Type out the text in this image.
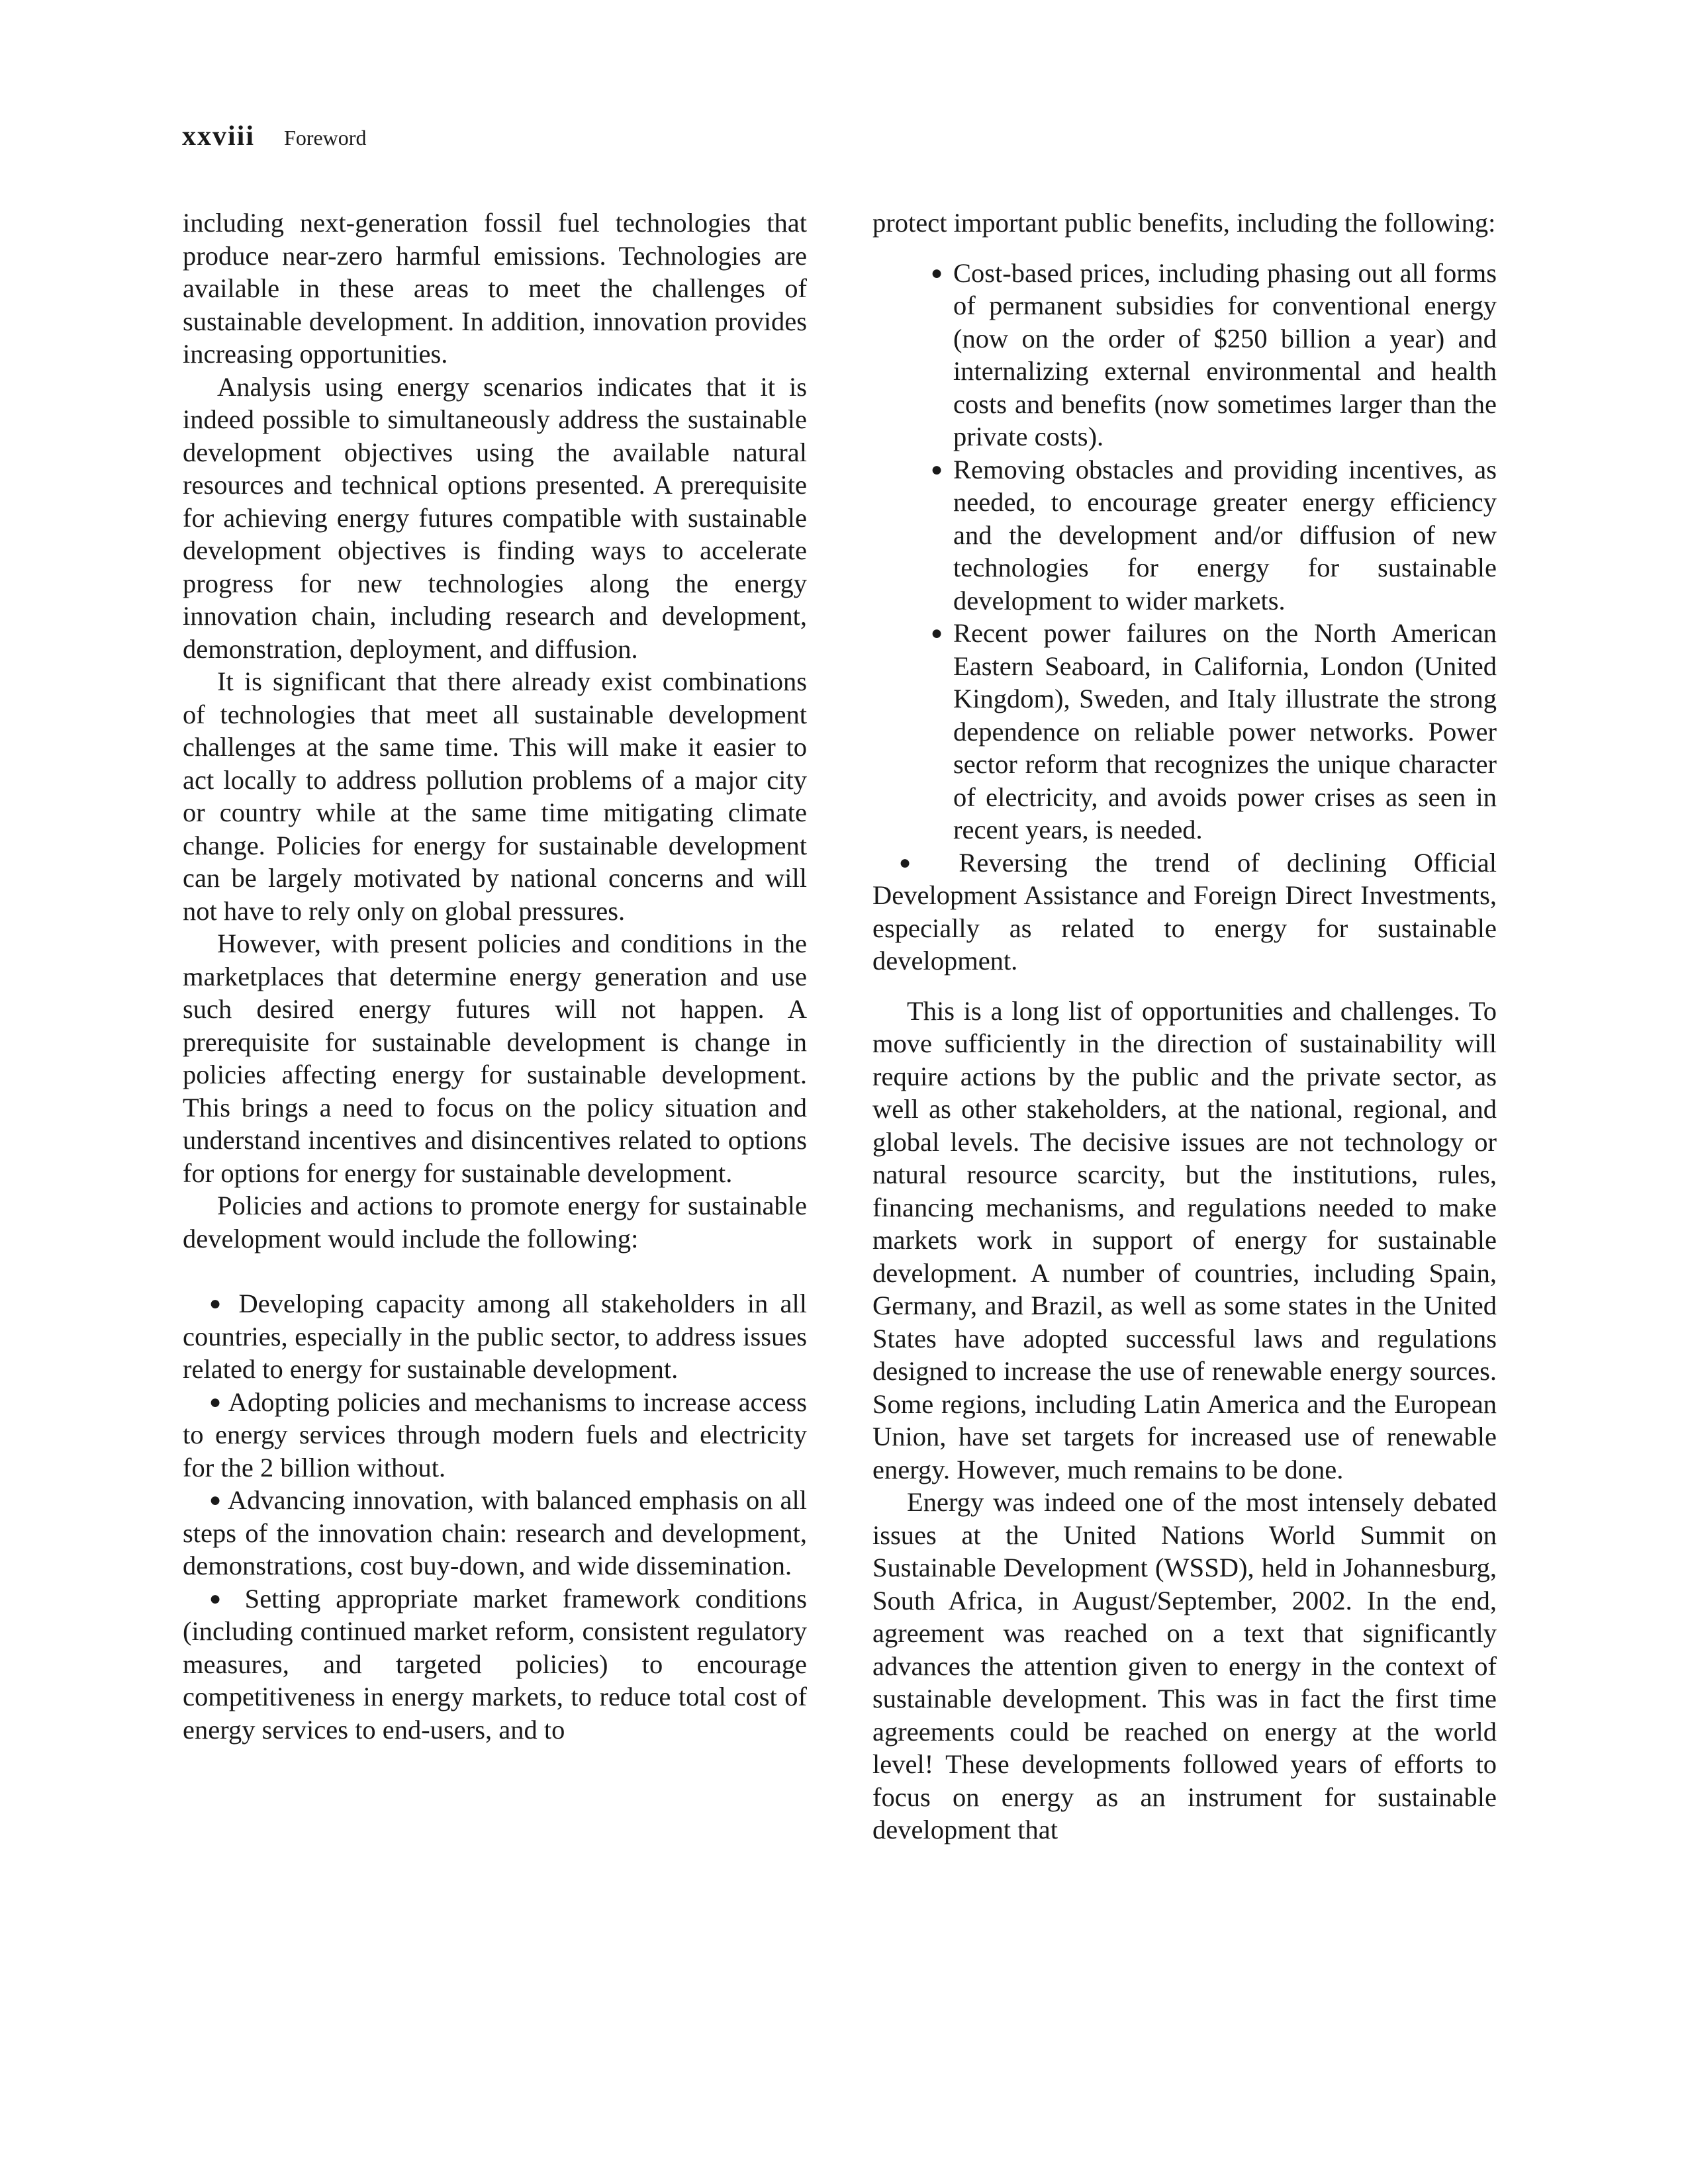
xxviii Foreword

including next-generation fossil fuel technologies that produce near-zero harmful emissions. Technologies are available in these areas to meet the challenges of sustainable development. In addition, innovation provides increasing opportunities.

Analysis using energy scenarios indicates that it is indeed possible to simultaneously address the sustainable development objectives using the available natural resources and technical options presented. A prerequisite for achieving energy futures compatible with sustainable development objectives is finding ways to accelerate progress for new technologies along the energy innovation chain, including research and development, demonstration, deployment, and diffusion.

It is significant that there already exist combinations of technologies that meet all sustainable development challenges at the same time. This will make it easier to act locally to address pollution problems of a major city or country while at the same time mitigating climate change. Policies for energy for sustainable development can be largely motivated by national concerns and will not have to rely only on global pressures.

However, with present policies and conditions in the marketplaces that determine energy generation and use such desired energy futures will not happen. A prerequisite for sustainable development is change in policies affecting energy for sustainable development. This brings a need to focus on the policy situation and understand incentives and disincentives related to options for options for energy for sustainable development.

Policies and actions to promote energy for sustainable development would include the following:

● Developing capacity among all stakeholders in all countries, especially in the public sector, to address issues related to energy for sustainable development.

● Adopting policies and mechanisms to increase access to energy services through modern fuels and electricity for the 2 billion without.

● Advancing innovation, with balanced emphasis on all steps of the innovation chain: research and development, demonstrations, cost buy-down, and wide dissemination.

● Setting appropriate market framework conditions (including continued market reform, consistent regulatory measures, and targeted policies) to encourage competitiveness in energy markets, to reduce total cost of energy services to end-users, and to

protect important public benefits, including the following:

● Cost-based prices, including phasing out all forms of permanent subsidies for conventional energy (now on the order of $250 billion a year) and internalizing external environmental and health costs and benefits (now sometimes larger than the private costs).

● Removing obstacles and providing incentives, as needed, to encourage greater energy efficiency and the development and/or diffusion of new technologies for energy for sustainable development to wider markets.

● Recent power failures on the North American Eastern Seaboard, in California, London (United Kingdom), Sweden, and Italy illustrate the strong dependence on reliable power networks. Power sector reform that recognizes the unique character of electricity, and avoids power crises as seen in recent years, is needed.

● Reversing the trend of declining Official Development Assistance and Foreign Direct Investments, especially as related to energy for sustainable development.

This is a long list of opportunities and challenges. To move sufficiently in the direction of sustainability will require actions by the public and the private sector, as well as other stakeholders, at the national, regional, and global levels. The decisive issues are not technology or natural resource scarcity, but the institutions, rules, financing mechanisms, and regulations needed to make markets work in support of energy for sustainable development. A number of countries, including Spain, Germany, and Brazil, as well as some states in the United States have adopted successful laws and regulations designed to increase the use of renewable energy sources. Some regions, including Latin America and the European Union, have set targets for increased use of renewable energy. However, much remains to be done.

Energy was indeed one of the most intensely debated issues at the United Nations World Summit on Sustainable Development (WSSD), held in Johannesburg, South Africa, in August/September, 2002. In the end, agreement was reached on a text that significantly advances the attention given to energy in the context of sustainable development. This was in fact the first time agreements could be reached on energy at the world level! These developments followed years of efforts to focus on energy as an instrument for sustainable development that
